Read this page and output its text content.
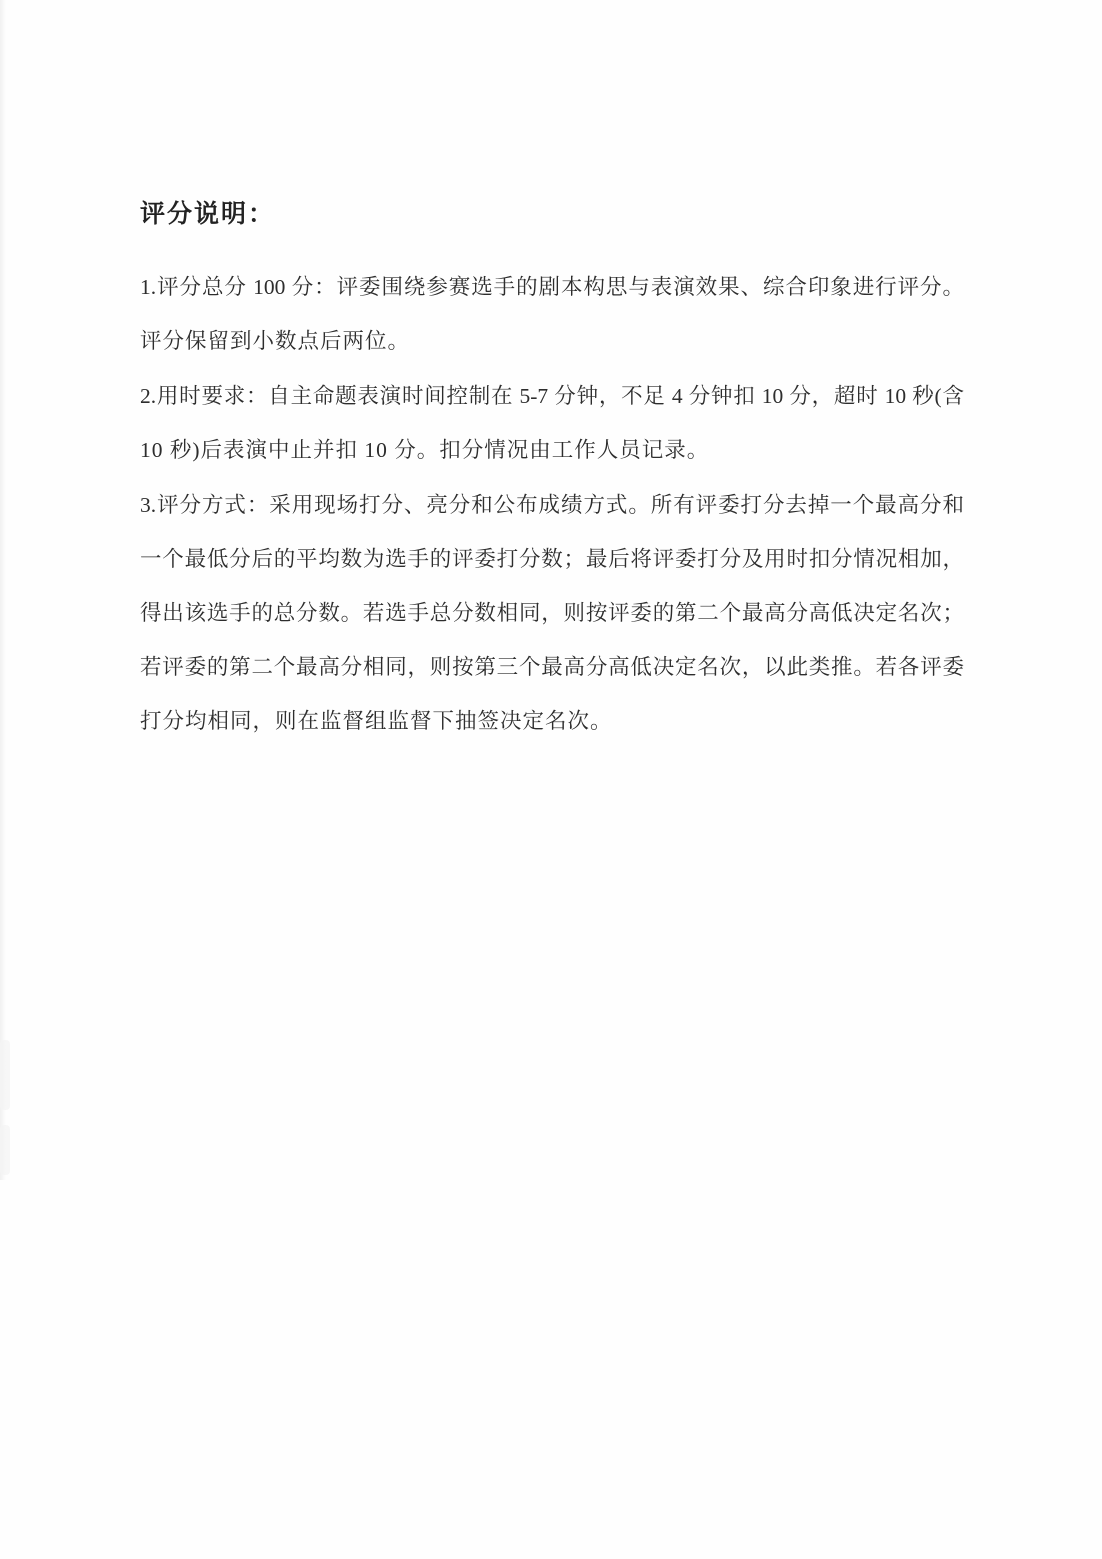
评分说明：
1.评分总分 100 分：评委围绕参赛选手的剧本构思与表演效果、综合印象进行评分。
评分保留到小数点后两位。
2.用时要求：自主命题表演时间控制在 5-7 分钟，不足 4 分钟扣 10 分，超时 10 秒(含
10 秒)后表演中止并扣 10 分。扣分情况由工作人员记录。
3.评分方式：采用现场打分、亮分和公布成绩方式。所有评委打分去掉一个最高分和
一个最低分后的平均数为选手的评委打分数；最后将评委打分及用时扣分情况相加，
得出该选手的总分数。若选手总分数相同，则按评委的第二个最高分高低决定名次；
若评委的第二个最高分相同，则按第三个最高分高低决定名次，以此类推。若各评委
打分均相同，则在监督组监督下抽签决定名次。
